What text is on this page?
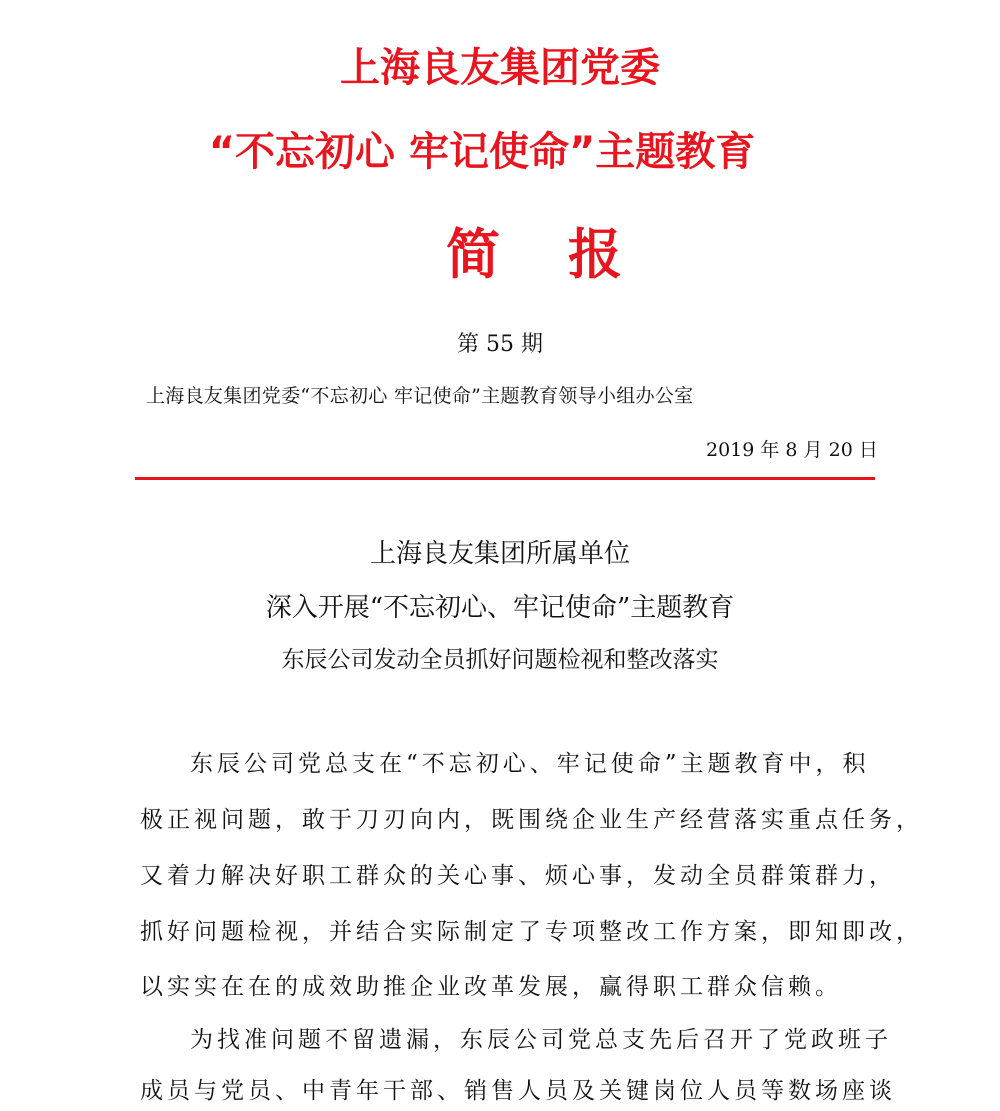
上海良友集团党委
“不忘初心 牢记使命”主题教育
简报
第 55 期
上海良友集团党委“不忘初心 牢记使命”主题教育领导小组办公室
2019 年 8 月 20 日
上海良友集团所属单位
深入开展“不忘初心、牢记使命”主题教育
东辰公司发动全员抓好问题检视和整改落实
东辰公司党总支在“不忘初心、牢记使命”主题教育中，积
极正视问题，敢于刀刃向内，既围绕企业生产经营落实重点任务，
又着力解决好职工群众的关心事、烦心事，发动全员群策群力，
抓好问题检视，并结合实际制定了专项整改工作方案，即知即改，
以实实在在的成效助推企业改革发展，赢得职工群众信赖。
为找准问题不留遗漏，东辰公司党总支先后召开了党政班子
成员与党员、中青年干部、销售人员及关键岗位人员等数场座谈
